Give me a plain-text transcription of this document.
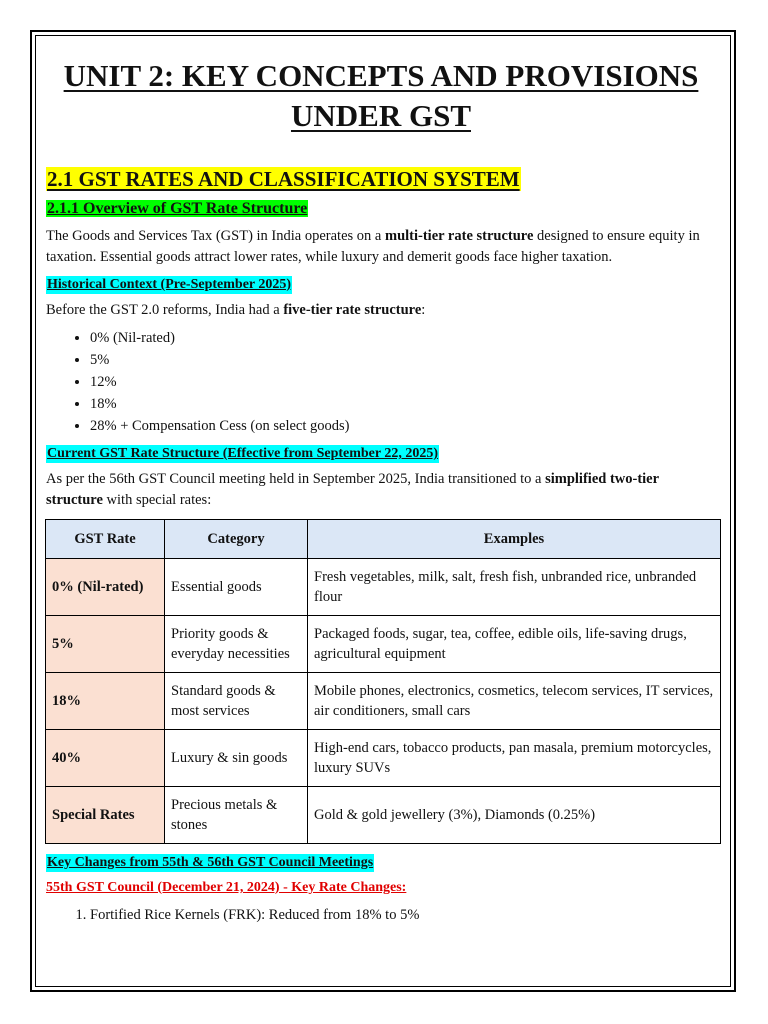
UNIT 2: KEY CONCEPTS AND PROVISIONS UNDER GST
2.1 GST RATES AND CLASSIFICATION SYSTEM
2.1.1 Overview of GST Rate Structure

The Goods and Services Tax (GST) in India operates on a multi-tier rate structure designed to ensure equity in taxation. Essential goods attract lower rates, while luxury and demerit goods face higher taxation.

Historical Context (Pre-September 2025)

Before the GST 2.0 reforms, India had a five-tier rate structure:

• 0% (Nil-rated)
• 5%
• 12%
• 18%
• 28% + Compensation Cess (on select goods)
Current GST Rate Structure (Effective from September 22, 2025)

As per the 56th GST Council meeting held in September 2025, India transitioned to a simplified two-tier structure with special rates:

GST Rate	Category	Examples
0% (Nil-rated)	Essential goods	Fresh vegetables, milk, salt, fresh fish, unbranded rice, unbranded flour
5%	Priority goods & everyday necessities	Packaged foods, sugar, tea, coffee, edible oils, life-saving drugs, agricultural equipment
18%	Standard goods & most services	Mobile phones, electronics, cosmetics, telecom services, IT services, air conditioners, small cars
40%	Luxury & sin goods	High-end cars, tobacco products, pan masala, premium motorcycles, luxury SUVs
Special Rates	Precious metals & stones	Gold & gold jewellery (3%), Diamonds (0.25%)
Key Changes from 55th & 56th GST Council Meetings
55th GST Council (December 21, 2024) - Key Rate Changes:
1. Fortified Rice Kernels (FRK): Reduced from 18% to 5%
